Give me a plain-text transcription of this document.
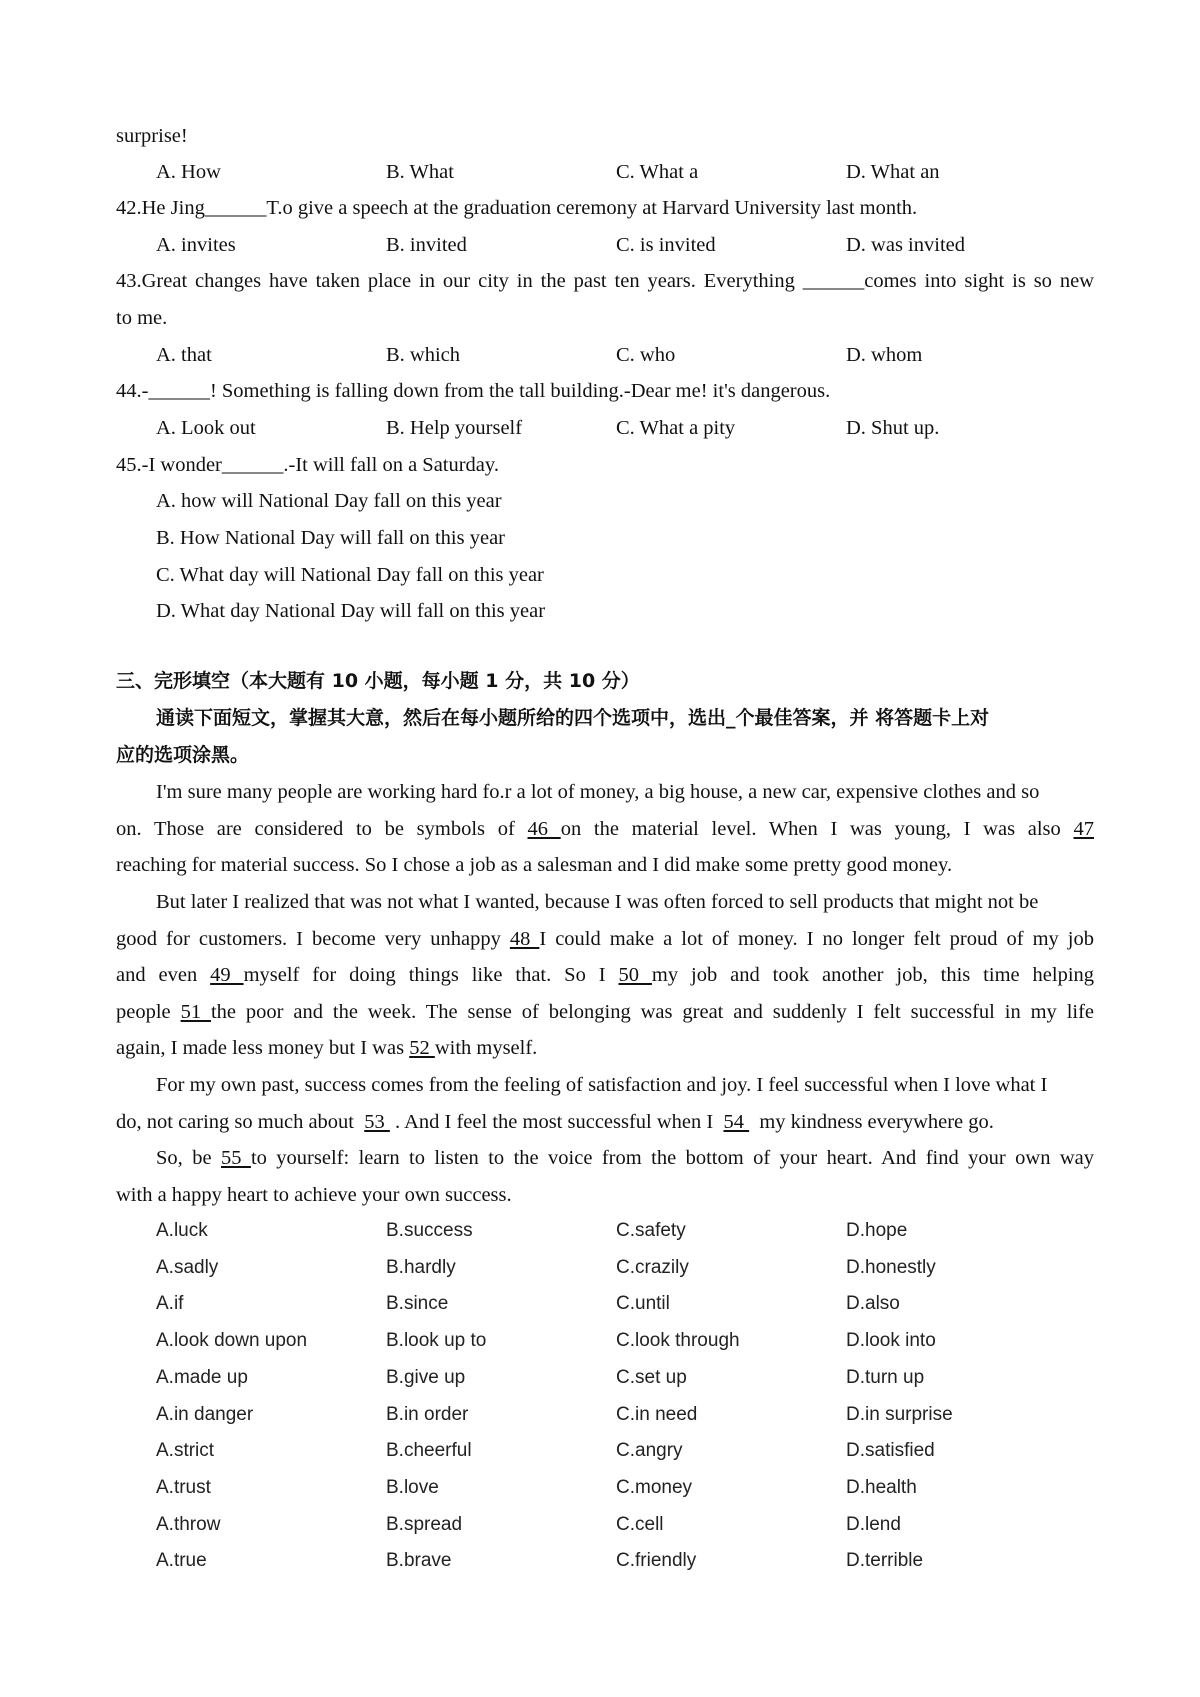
surprise!
A. How	B. What	C. What a	D. What an
42.He Jing______T.o give a speech at the graduation ceremony at Harvard University last month.
A. invites	B. invited	C. is invited	D. was invited
43.Great changes have taken place in our city in the past ten years. Everything ______comes into sight is so new
to me.
A. that	B. which	C. who	D. whom
44.-______! Something is falling down from the tall building.-Dear me! it's dangerous.
A. Look out	B. Help yourself	C. What a pity	D. Shut up.
45.-I wonder______.-It will fall on a Saturday.
A. how will National Day fall on this year
B. How National Day will fall on this year
C. What day will National Day fall on this year
D. What day National Day will fall on this year
三、完形填空（本大题有 10 小题，每小题 1 分，共 10 分）
通读下面短文，掌握其大意，然后在每小题所给的四个选项中，选出_个最佳答案，并 将答题卡上对
应的选项涂黑。
I'm sure many people are working hard fo.r a lot of money, a big house, a new car, expensive clothes and so
on. Those are considered to be symbols of 46 on the material level. When I was young, I was also 47
reaching for material success. So I chose a job as a salesman and I did make some pretty good money.
But later I realized that was not what I wanted, because I was often forced to sell products that might not be
good for customers. I become very unhappy 48 I could make a lot of money. I no longer felt proud of my job
and even 49 myself for doing things like that. So I 50 my job and took another job, this time helping
people 51 the poor and the week. The sense of belonging was great and suddenly I felt successful in my life
again, I made less money but I was 52 with myself.
For my own past, success comes from the feeling of satisfaction and joy. I feel successful when I love what I
do, not caring so much about  53  . And I feel the most successful when I  54   my kindness everywhere go.
So, be 55 to yourself: learn to listen to the voice from the bottom of your heart. And find your own way
with a happy heart to achieve your own success.
A.luck	B.success	C.safety	D.hope
A.sadly	B.hardly	C.crazily	D.honestly
A.if	B.since	C.until	D.also
A.look down upon	B.look up to	C.look through	D.look into
A.made up	B.give up	C.set up	D.turn up
A.in danger	B.in order	C.in need	D.in surprise
A.strict	B.cheerful	C.angry	D.satisfied
A.trust	B.love	C.money	D.health
A.throw	B.spread	C.cell	D.lend
A.true	B.brave	C.friendly	D.terrible
